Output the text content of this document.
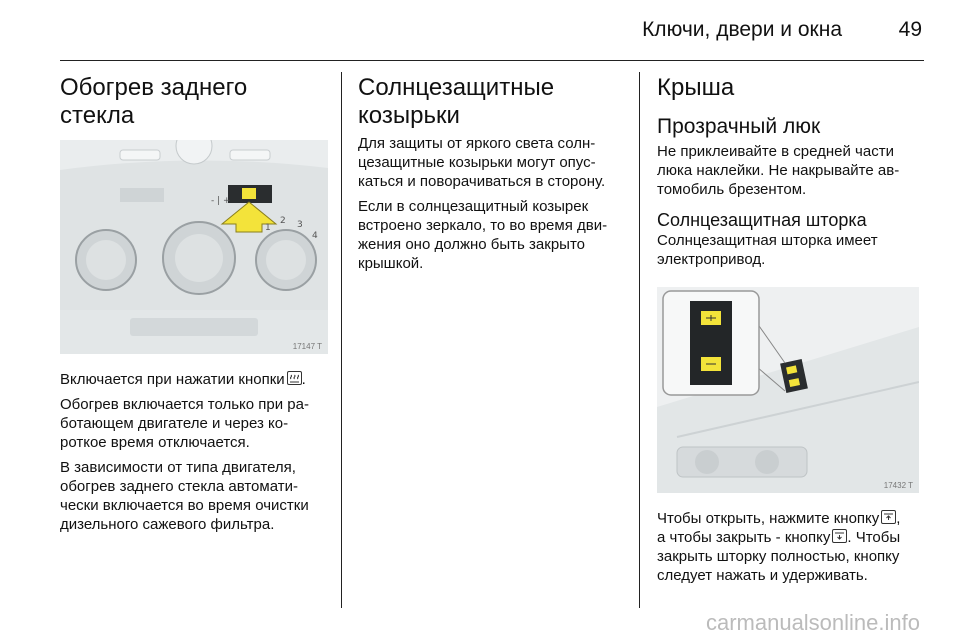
Ключи, двери и окна	49
Обогрев заднего стекла
- | +
1
2 3
4
17147 T

Включается при нажатии кнопки .

Обогрев включается только при ра-
ботающем двигателе и через ко-
роткое время отключается.

В зависимости от типа двигателя,
обогрев заднего стекла автомати-
чески включается во время очистки
дизельного сажевого фильтра.

Солнцезащитные
козырьки

Для защиты от яркого света солн-
цезащитные козырьки могут опус-
каться и поворачиваться в сторону.

Если в солнцезащитный козырек
встроено зеркало, то во время дви-
жения оно должно быть закрыто
крышкой.

Крыша
Прозрачный люк

Не приклеивайте в средней части
люка наклейки. Не накрывайте ав-
томобиль брезентом.

Солнцезащитная шторка

Солнцезащитная шторка имеет
электропривод.

17432 T

Чтобы открыть, нажмите кнопку ,
а чтобы закрыть - кнопку . Чтобы
закрыть шторку полностью, кнопку
следует нажать и удерживать.

carmanualsonline.info
